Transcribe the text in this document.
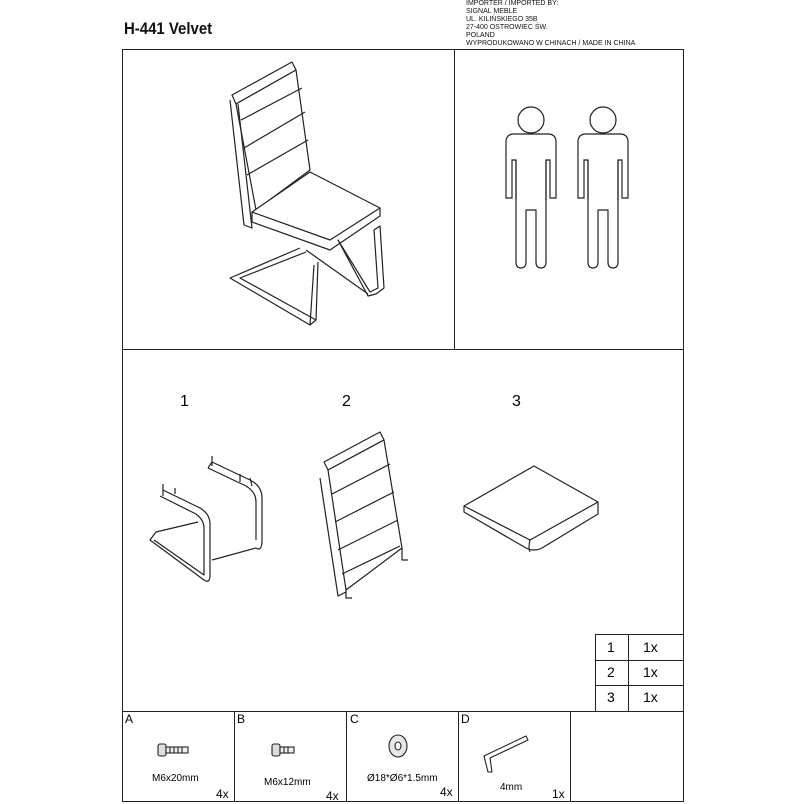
H-441 Velvet
IMPORTER / IMPORTED BY:
SIGNAL MEBLE
UL. KILIŃSKIEGO 35B
27-400 OSTROWIEC ŚW.
POLAND
WYPRODUKOWANO W CHINACH / MADE IN CHINA
1	2	3
1 1x
2 1x
3 1x
A
M6x20mm
4x
B
M6x12mm
4x
C
Ø18*Ø6*1.5mm
4x
D
4mm 1x
